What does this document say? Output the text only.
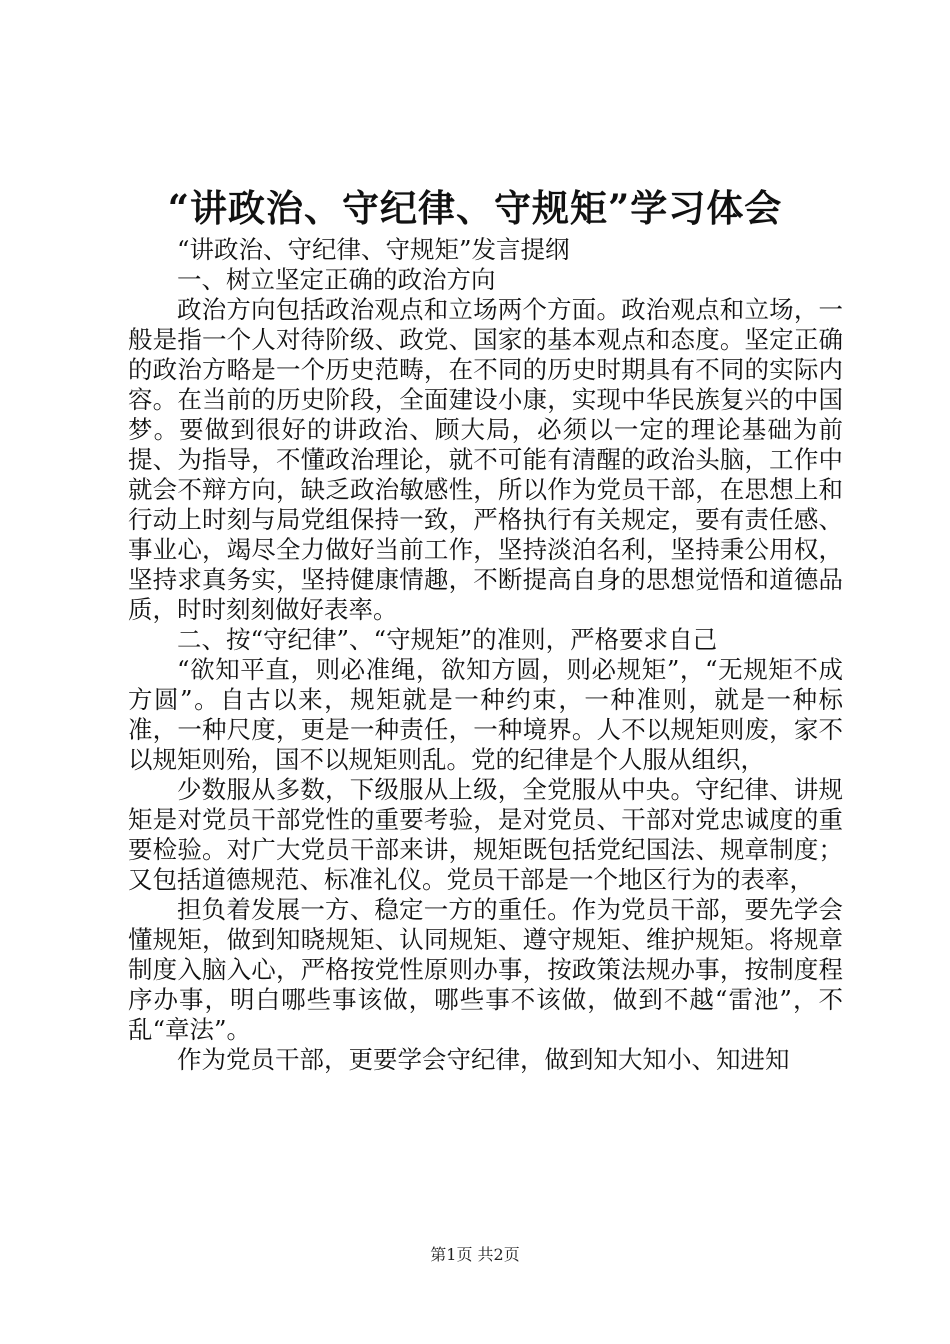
“讲政治、守纪律、守规矩”学习体会

“讲政治、守纪律、守规矩”发言提纲

一、树立坚定正确的政治方向

政治方向包括政治观点和立场两个方面。政治观点和立场，一般是指一个人对待阶级、政党、国家的基本观点和态度。坚定正确的政治方略是一个历史范畴，在不同的历史时期具有不同的实际内容。在当前的历史阶段，全面建设小康，实现中华民族复兴的中国梦。要做到很好的讲政治、顾大局，必须以一定的理论基础为前提、为指导，不懂政治理论，就不可能有清醒的政治头脑，工作中就会不辩方向，缺乏政治敏感性，所以作为党员干部，在思想上和行动上时刻与局党组保持一致，严格执行有关规定，要有责任感、事业心，竭尽全力做好当前工作，坚持淡泊名利，坚持秉公用权，坚持求真务实，坚持健康情趣，不断提高自身的思想觉悟和道德品质，时时刻刻做好表率。

二、按“守纪律”、“守规矩”的准则，严格要求自己

“欲知平直，则必准绳，欲知方圆，则必规矩”，“无规矩不成方圆”。自古以来，规矩就是一种约束，一种准则，就是一种标准，一种尺度，更是一种责任，一种境界。人不以规矩则废，家不以规矩则殆，国不以规矩则乱。党的纪律是个人服从组织，

少数服从多数，下级服从上级，全党服从中央。守纪律、讲规矩是对党员干部党性的重要考验，是对党员、干部对党忠诚度的重要检验。对广大党员干部来讲，规矩既包括党纪国法、规章制度；又包括道德规范、标准礼仪。党员干部是一个地区行为的表率，

担负着发展一方、稳定一方的重任。作为党员干部，要先学会懂规矩，做到知晓规矩、认同规矩、遵守规矩、维护规矩。将规章制度入脑入心，严格按党性原则办事，按政策法规办事，按制度程序办事，明白哪些事该做，哪些事不该做，做到不越“雷池”，不乱“章法”。

作为党员干部，更要学会守纪律，做到知大知小、知进知

第1页 共2页
